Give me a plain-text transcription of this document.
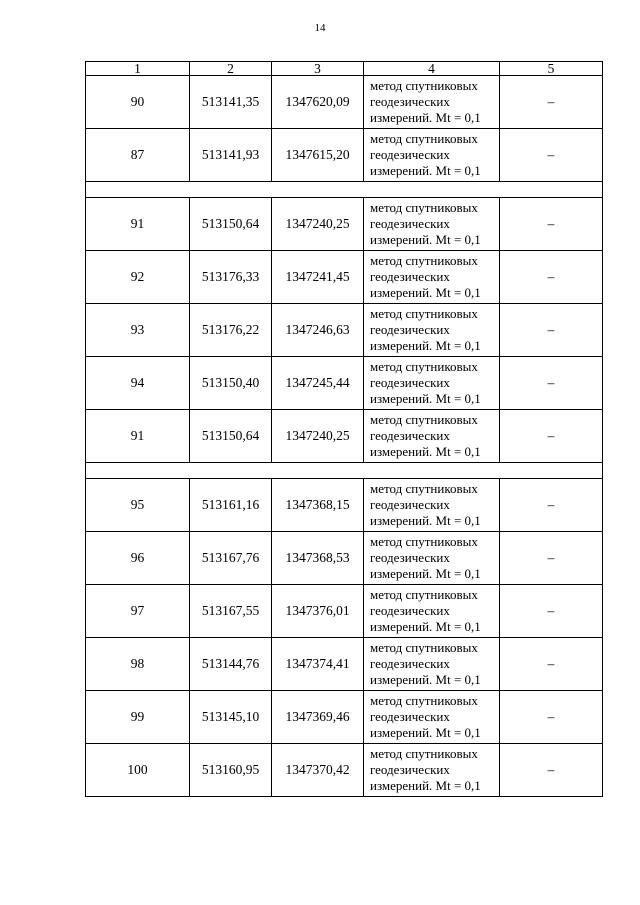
14
1	2	3	4	5
90	513141,35	1347620,09	метод спутниковых
геодезических
измерений. Mt = 0,1	–
87	513141,93	1347615,20	метод спутниковых
геодезических
измерений. Mt = 0,1	–

91	513150,64	1347240,25	метод спутниковых
геодезических
измерений. Mt = 0,1	–
92	513176,33	1347241,45	метод спутниковых
геодезических
измерений. Mt = 0,1	–
93	513176,22	1347246,63	метод спутниковых
геодезических
измерений. Mt = 0,1	–
94	513150,40	1347245,44	метод спутниковых
геодезических
измерений. Mt = 0,1	–
91	513150,64	1347240,25	метод спутниковых
геодезических
измерений. Mt = 0,1	–

95	513161,16	1347368,15	метод спутниковых
геодезических
измерений. Mt = 0,1	–
96	513167,76	1347368,53	метод спутниковых
геодезических
измерений. Mt = 0,1	–
97	513167,55	1347376,01	метод спутниковых
геодезических
измерений. Mt = 0,1	–
98	513144,76	1347374,41	метод спутниковых
геодезических
измерений. Mt = 0,1	–
99	513145,10	1347369,46	метод спутниковых
геодезических
измерений. Mt = 0,1	–
100	513160,95	1347370,42	метод спутниковых
геодезических
измерений. Mt = 0,1	–
